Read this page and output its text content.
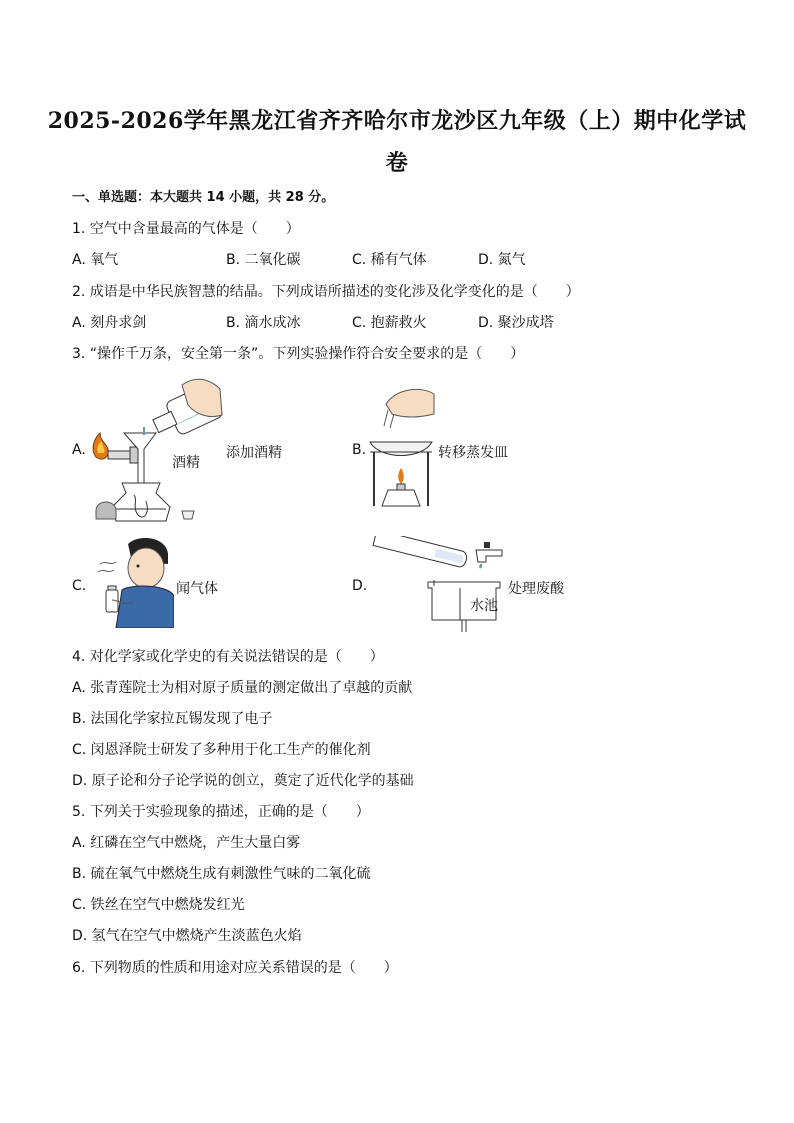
2025-2026学年黑龙江省齐齐哈尔市龙沙区九年级（上）期中化学试
卷
一、单选题：本大题共 14 小题，共 28 分。
1. 空气中含量最高的气体是（　　）
A. 氧气	B. 二氧化碳	C. 稀有气体	D. 氮气
2. 成语是中华民族智慧的结晶。下列成语所描述的变化涉及化学变化的是（　　）
A. 刻舟求剑	B. 滴水成冰	C. 抱薪救火	D. 聚沙成塔
3. “操作千万条，安全第一条”。下列实验操作符合安全要求的是（　　）
A.
酒精
添加酒精	B.	转移蒸发皿
C.	闻气体	D.
水池
处理废酸
4. 对化学家或化学史的有关说法错误的是（　　）
A. 张青莲院士为相对原子质量的测定做出了卓越的贡献
B. 法国化学家拉瓦锡发现了电子
C. 闵恩泽院士研发了多种用于化工生产的催化剂
D. 原子论和分子论学说的创立，奠定了近代化学的基础
5. 下列关于实验现象的描述，正确的是（　　）
A. 红磷在空气中燃烧，产生大量白雾
B. 硫在氧气中燃烧生成有刺激性气味的二氧化硫
C. 铁丝在空气中燃烧发红光
D. 氢气在空气中燃烧产生淡蓝色火焰
6. 下列物质的性质和用途对应关系错误的是（　　）
